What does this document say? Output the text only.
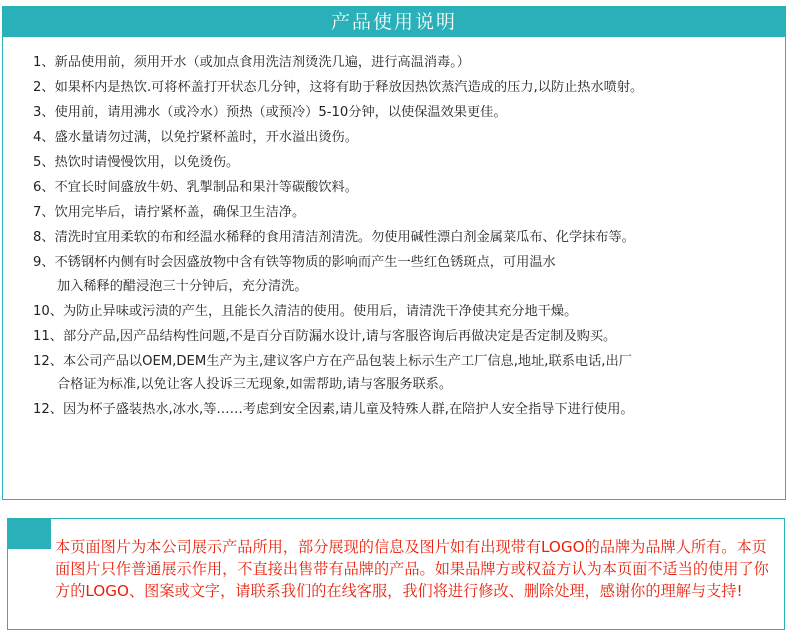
产品使用说明
1、新品使用前，须用开水（或加点食用洗洁剂烫洗几遍，进行高温消毒。）
2、如果杯内是热饮.可将杯盖打开状态几分钟，这将有助于释放因热饮蒸汽造成的压力,以防止热水喷射。
3、使用前，请用沸水（或冷水）预热（或预冷）5-10分钟，以使保温效果更佳。
4、盛水量请勿过满，以免拧紧杯盖时，开水溢出烫伤。
5、热饮时请慢慢饮用，以免烫伤。
6、不宜长时间盛放牛奶、乳掣制品和果汁等碳酸饮料。
7、饮用完毕后，请拧紧杯盖，确保卫生洁净。
8、清洗时宜用柔软的布和经温水稀释的食用清洁剂清洗。勿使用碱性漂白剂金属菜瓜布、化学抹布等。
9、不锈钢杯内侧有时会因盛放物中含有铁等物质的影响而产生一些红色锈斑点，可用温水
加入稀释的醋浸泡三十分钟后，充分清洗。
10、为防止异味或污渍的产生，且能长久清洁的使用。使用后，请清洗干净使其充分地干燥。
11、部分产品,因产品结构性问题,不是百分百防漏水设计,请与客服咨询后再做决定是否定制及购买。
12、本公司产品以OEM,DEM生产为主,建议客户方在产品包装上标示生产工厂信息,地址,联系电话,出厂
合格证为标准,以免让客人投诉三无现象,如需帮助,请与客服务联系。
12、因为杯子盛装热水,冰水,等……考虑到安全因素,请儿童及特殊人群,在陪护人安全指导下进行使用。

本页面图片为本公司展示产品所用，部分展现的信息及图片如有出现带有LOGO的品牌为品牌人所有。本页面图片只作普通展示作用，不直接出售带有品牌的产品。如果品牌方或权益方认为本页面不适当的使用了你方的LOGO、图案或文字，请联系我们的在线客服，我们将进行修改、删除处理，感谢你的理解与支持!
